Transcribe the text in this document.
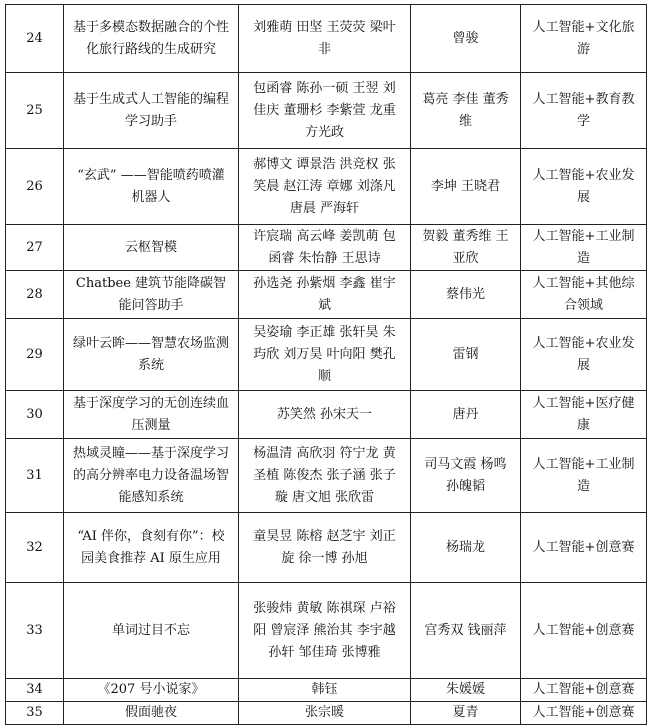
24	基于多模态数据融合的个性化旅行路线的生成研究	刘雅萌 田坚 王荧荧 梁叶非	曾骏	人工智能+文化旅游
25	基于生成式人工智能的编程学习助手	包函睿 陈孙一硕 王翌 刘佳庆 董珊杉 李紫萱 龙重 方光政	葛亮 李佳 董秀维	人工智能+教育教学
26	“玄武” ——智能喷药喷灌机器人	郝博文 谭景浩 洪竞权 张笑晨 赵江涛 章娜 刘涤凡 唐晨 严海轩	李坤 王晓君	人工智能+农业发展
27	云枢智模	许宸瑞 高云峰 姜凯萌 包函睿 朱怡静 王思诗	贺毅 董秀维 王亚欣	人工智能+工业制造
28	Chatbee 建筑节能降碳智能问答助手	孙选尧 孙紫烟 李鑫 崔宇斌	蔡伟光	人工智能+其他综合领域
29	绿叶云眸——智慧农场监测系统	吴姿瑜 李正雄 张轩昊 朱玙欣 刘万昊 叶向阳 樊孔顺	雷钢	人工智能+农业发展
30	基于深度学习的无创连续血压测量	苏笑然 孙宋天一	唐丹	人工智能+医疗健康
31	热域灵瞳——基于深度学习的高分辨率电力设备温场智能感知系统	杨温清 高欣羽 符宁龙 黄圣植 陈俊杰 张子涵 张子璇 唐文旭 张欣雷	司马文霞 杨鸣 孙魄韬	人工智能+工业制造
32	“AI 伴你，食刻有你”：校园美食推荐 AI 原生应用	童昊昱 陈榕 赵芝宇 刘正旋 徐一博 孙旭	杨瑞龙	人工智能+创意赛
33	单词过目不忘	张骏炜 黄敏 陈祺琛 卢裕阳 曾宸泽 熊治其 李宇越 孙轩 邹佳琦 张博雅	宫秀双 钱丽萍	人工智能+创意赛
34	《207 号小说家》	韩钰	朱媛媛	人工智能+创意赛
35	假面驰夜	张宗暖	夏青	人工智能+创意赛
